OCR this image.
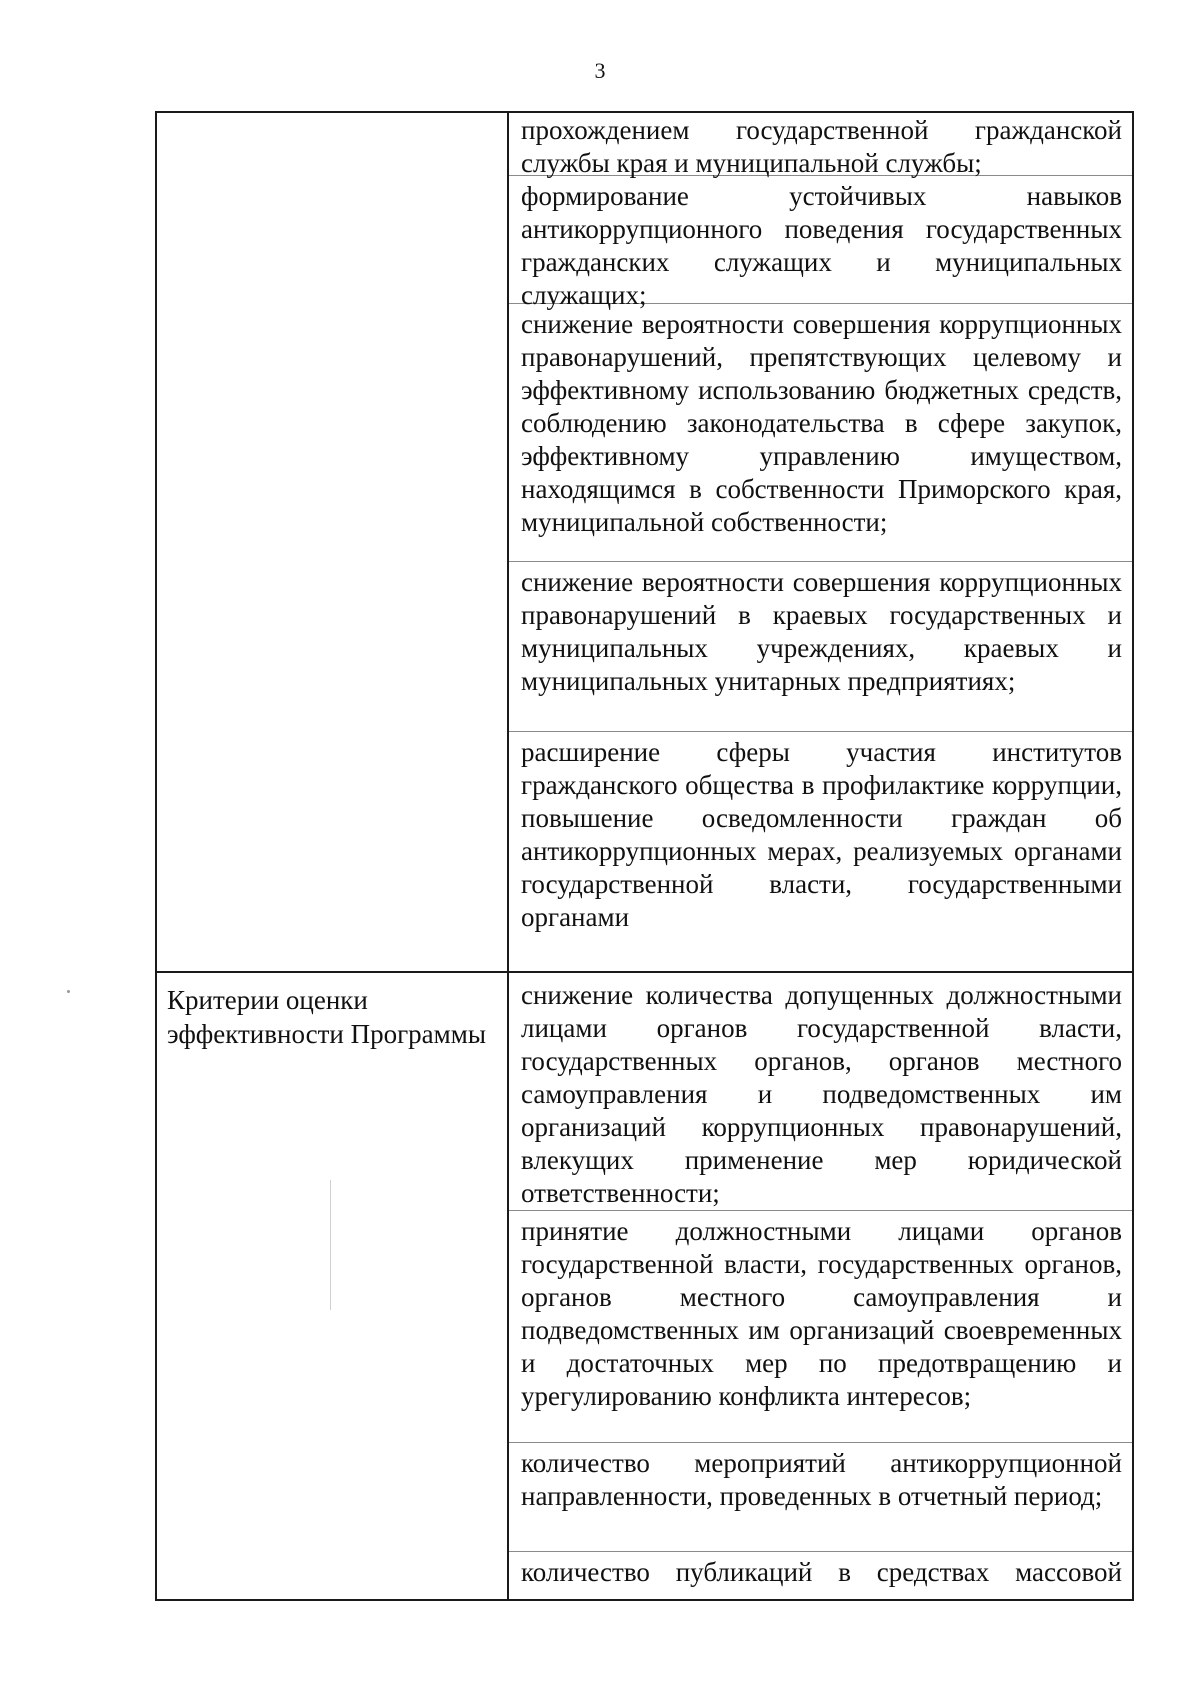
3

прохождением государственной гражданской службы края и муниципальной службы;

формирование устойчивых навыков антикоррупционного поведения государственных гражданских служащих и муниципальных служащих;

снижение вероятности совершения коррупционных правонарушений, препятствующих целевому и эффективному использованию бюджетных средств, соблюдению законодательства в сфере закупок, эффективному управлению имуществом, находящимся в собственности Приморского края, муниципальной собственности;

снижение вероятности совершения коррупционных правонарушений в краевых государственных и муниципальных учреждениях, краевых и муниципальных унитарных предприятиях;

расширение сферы участия институтов гражданского общества в профилактике коррупции, повышение осведомленности граждан об антикоррупционных мерах, реализуемых органами государственной власти, государственными органами

Критерии оценки эффективности Программы

снижение количества допущенных должностными лицами органов государственной власти, государственных органов, органов местного самоуправления и подведомственных им организаций коррупционных правонарушений, влекущих применение мер юридической ответственности;

принятие должностными лицами органов государственной власти, государственных органов, органов местного самоуправления и подведомственных им организаций своевременных и достаточных мер по предотвращению и урегулированию конфликта интересов;

количество мероприятий антикоррупционной направленности, проведенных в отчетный период;

количество публикаций в средствах массовой
